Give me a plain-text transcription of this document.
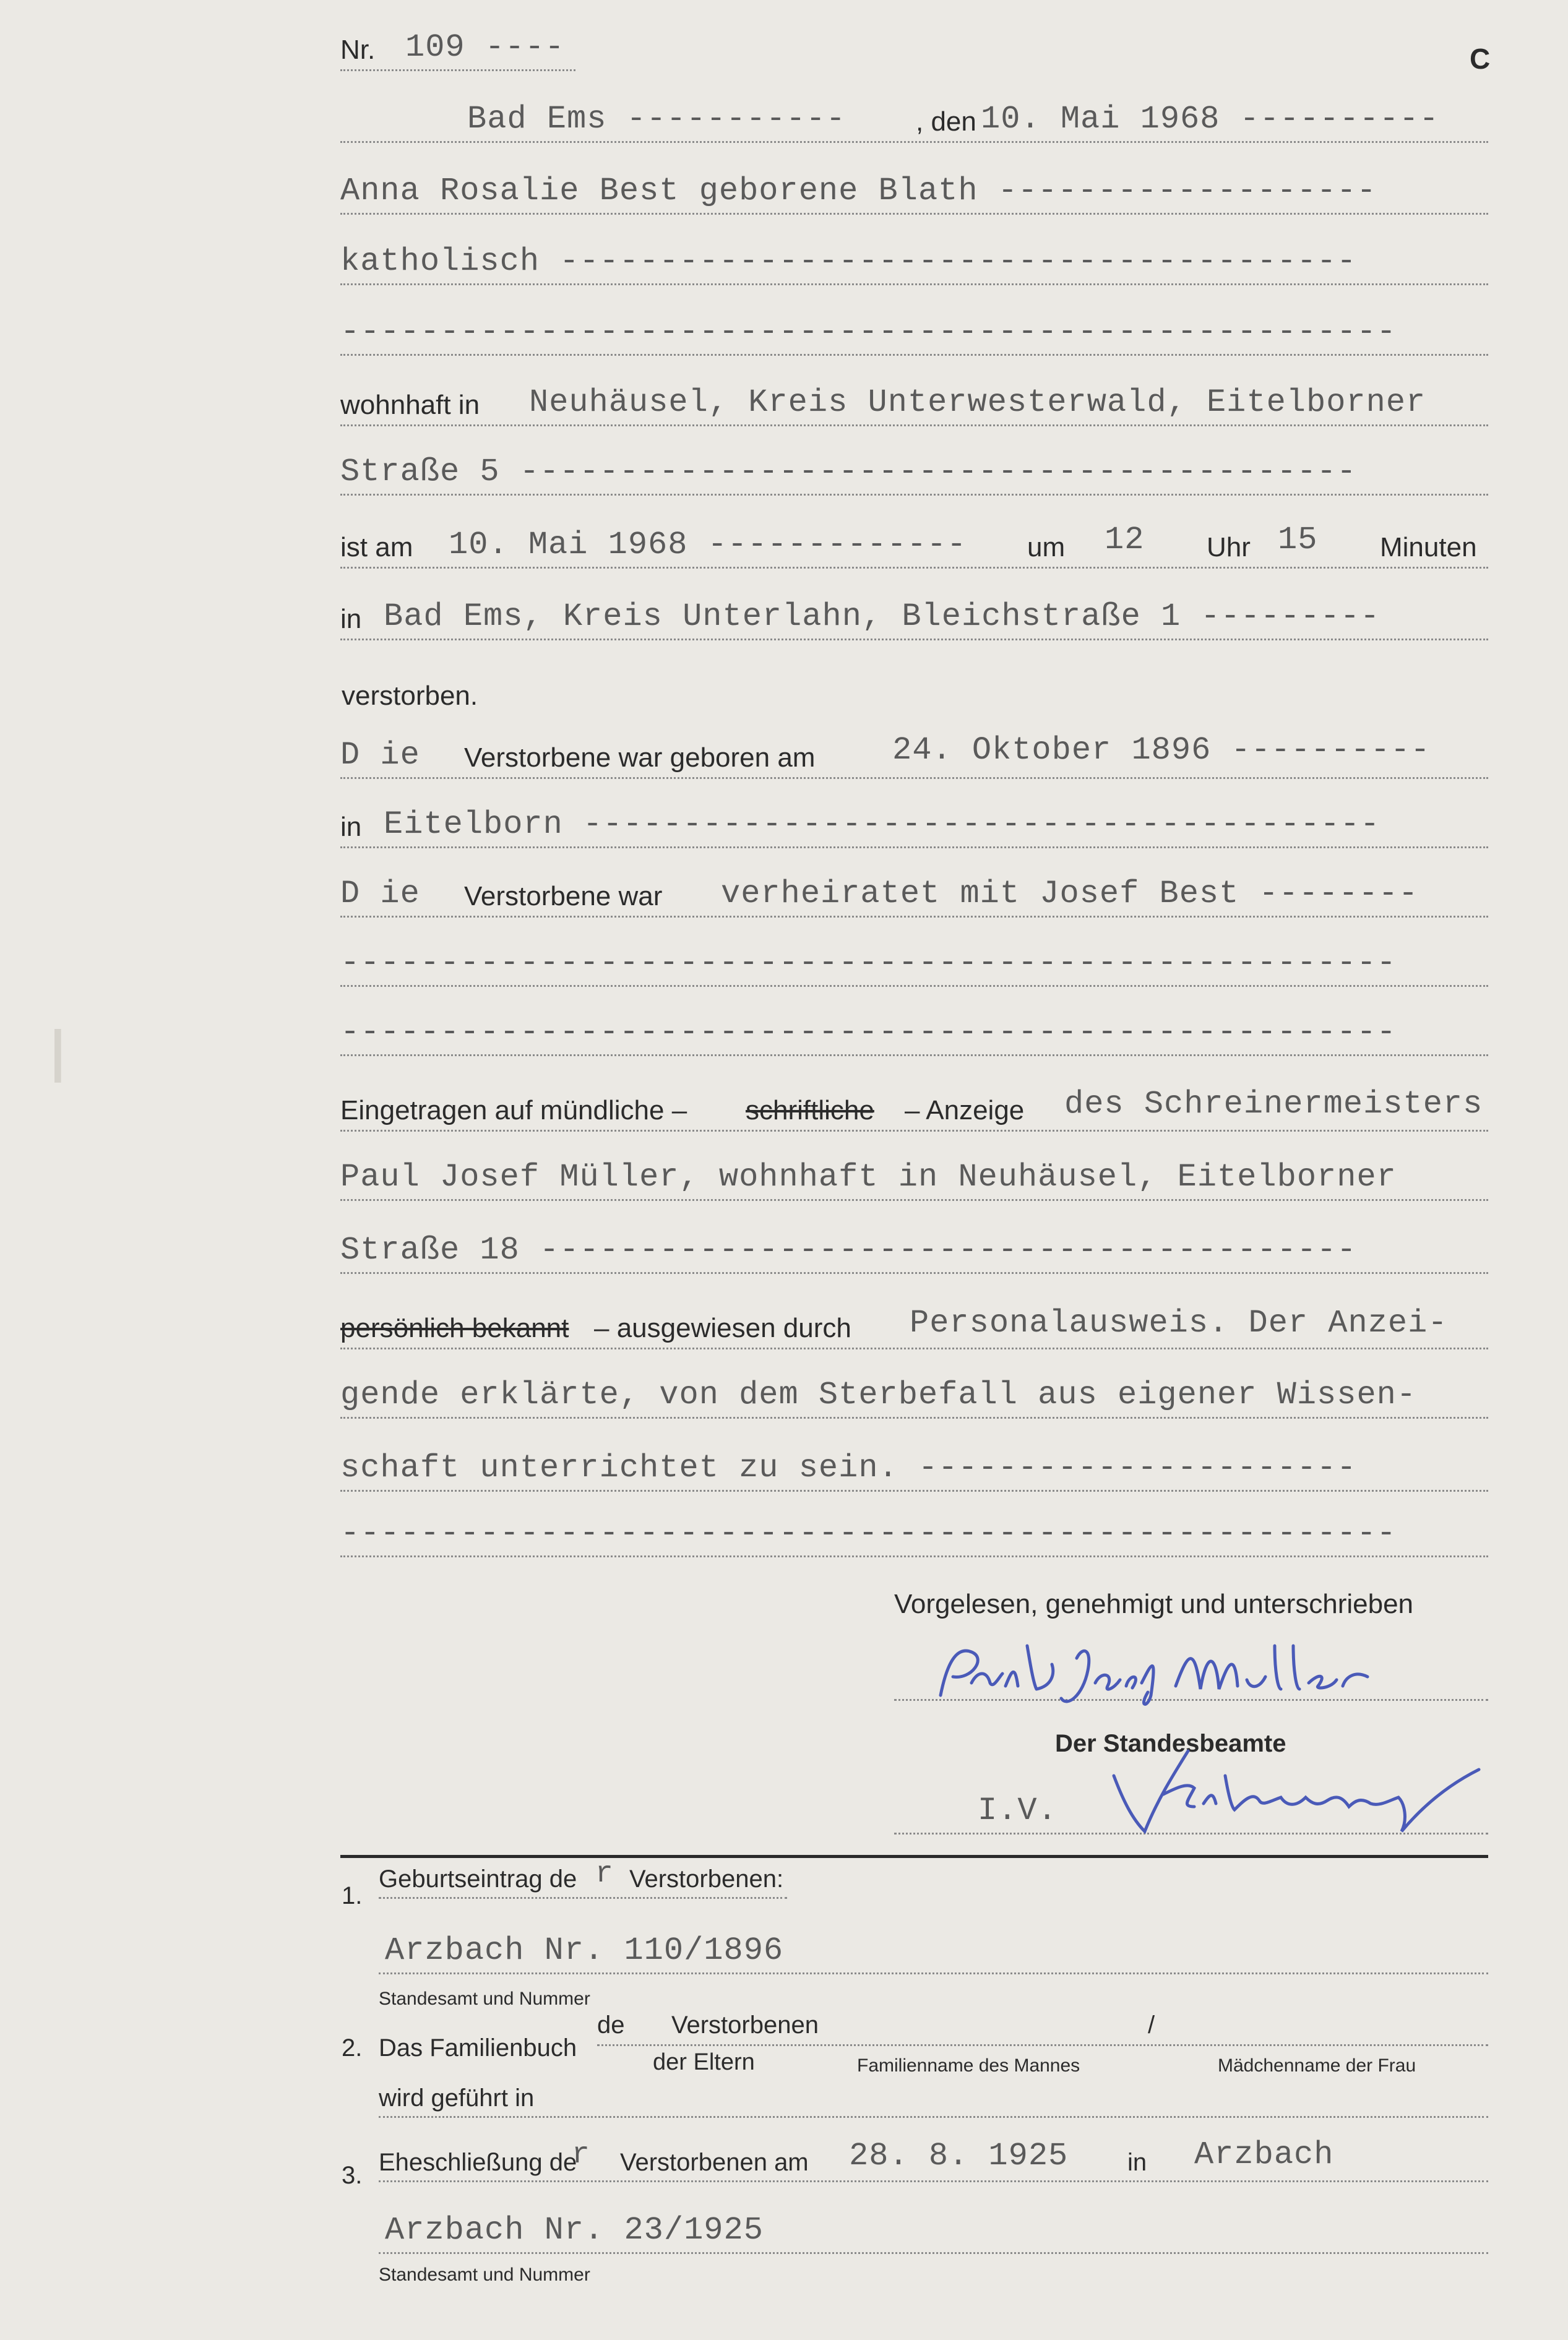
l
Nr. 109 ----	C
Bad Ems -----------	, den 10. Mai 1968 ----------
Anna Rosalie Best geborene Blath -------------------
katholisch ----------------------------------------
-----------------------------------------------------
wohnhaft in Neuhäusel, Kreis Unterwesterwald, Eitelborner
Straße 5 ------------------------------------------
ist am 10. Mai 1968 ------------- um 12 Uhr 15 Minuten
in Bad Ems, Kreis Unterlahn, Bleichstraße 1 ---------
verstorben.
D ie Verstorbene war geboren am 24. Oktober 1896 ----------
in Eitelborn ----------------------------------------
D ie Verstorbene war verheiratet mit Josef Best --------
-----------------------------------------------------
-----------------------------------------------------
Eingetragen auf mündliche – schriftliche – Anzeige des Schreinermeisters
Paul Josef Müller, wohnhaft in Neuhäusel, Eitelborner
Straße 18 -----------------------------------------
persönlich bekannt – ausgewiesen durch Personalausweis. Der Anzei-
gende erklärte, von dem Sterbefall aus eigener Wissen-
schaft unterrichtet zu sein. ----------------------
-----------------------------------------------------
Vorgelesen, genehmigt und unterschrieben
Der Standesbeamte
I.V.
1.
Geburtseintrag de r Verstorbenen:
Arzbach Nr. 110/1896
Standesamt und Nummer
2. Das Familienbuch
de Verstorbenen	/
der Eltern	Familienname des Mannes	Mädchenname der Frau
wird geführt in
3. Eheschließung de
r Verstorbenen am 28. 8. 1925 in Arzbach
Arzbach Nr. 23/1925
Standesamt und Nummer
